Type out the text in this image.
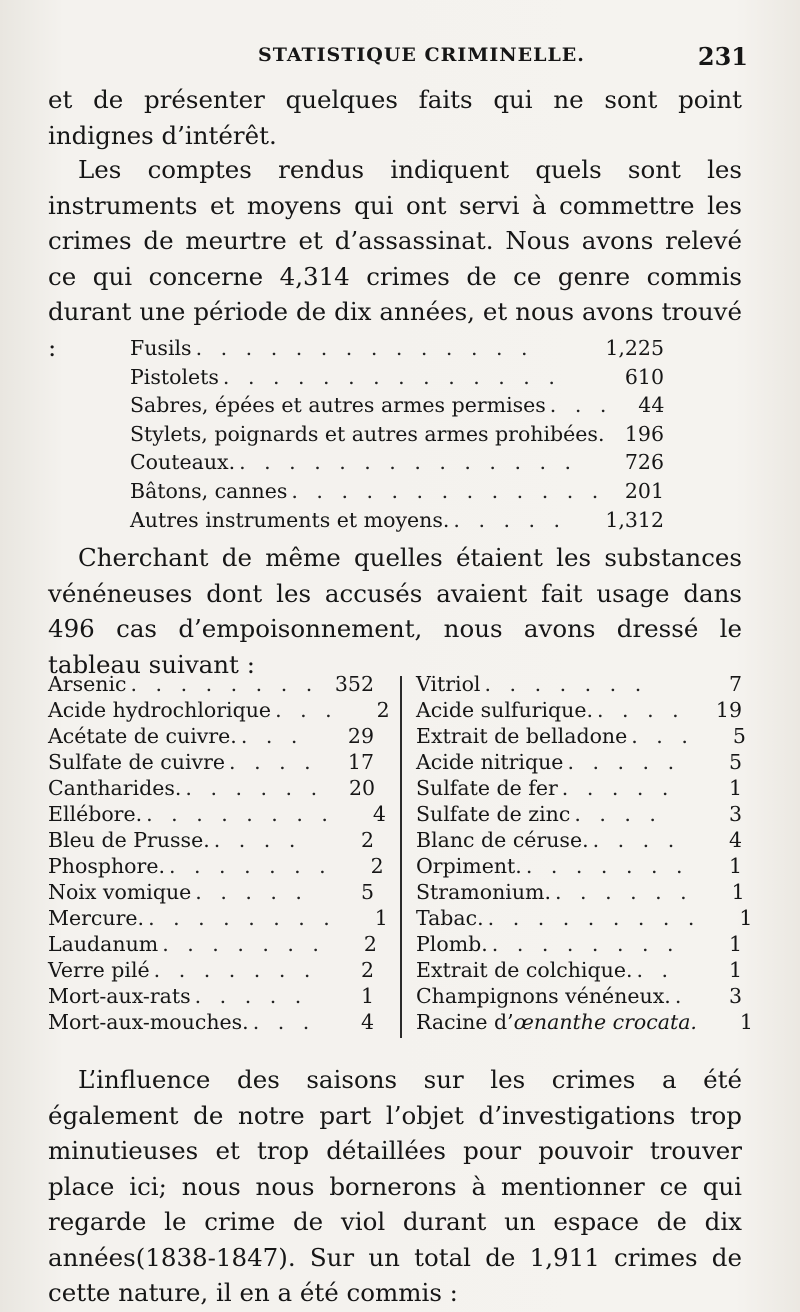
STATISTIQUE CRIMINELLE.	231
et de présenter quelques faits qui ne sont point indignes d’intérêt.
Les comptes rendus indiquent quels sont les instruments et moyens qui ont servi à commettre les crimes de meurtre et d’assassinat. Nous avons relevé ce qui concerne 4,314 crimes de ce genre commis durant une période de dix années, et nous avons trouvé :	Fusils . . . . . . . . . . . . . .	1,225
Pistolets . . . . . . . . . . . . . .	610
Sabres, épées et autres armes permises . . .	44
Stylets, poignards et autres armes prohibées. 196
Couteaux. . . . . . . . . . . . . . .	726
Bâtons, cannes . . . . . . . . . . . . .	201
Autres instruments et moyens. . . . . .	1,312
Cherchant de même quelles étaient les substances vénéneuses dont les accusés avaient fait usage dans 496 cas d’empoisonnement, nous avons dressé le tableau suivant :
Arsenic . . . . . . . . 352
Acide hydrochlorique . . .	2
Acétate de cuivre. . . .	29
Sulfate de cuivre . . . .	17
Cantharides. . . . . . .	20
Ellébore. . . . . . . . .	4
Bleu de Prusse. . . . .	2
Phosphore. . . . . . . .	2
Noix vomique . . . . .	5
Mercure. . . . . . . . .	1
Laudanum . . . . . . .	2
Verre pilé . . . . . . .	2
Mort-aux-rats . . . . .	1
Mort-aux-mouches. . . .	4
Vitriol . . . . . . .	7
Acide sulfurique. . . . .	19
Extrait de belladone . . .	5
Acide nitrique . . . . .	5
Sulfate de fer . . . . .	1
Sulfate de zinc . . . .	3
Blanc de céruse. . . . .	4
Orpiment. . . . . . . .	1
Stramonium. . . . . . .	1
Tabac. . . . . . . . . .	1
Plomb. . . . . . . . .	1
Extrait de colchique. . .	1
Champignons vénéneux. .	3
Racine d’œnanthe crocata.	1
L’influence des saisons sur les crimes a été également de notre part l’objet d’investigations trop minutieuses et trop détaillées pour pouvoir trouver place ici; nous nous bornerons à mentionner ce qui regarde le crime de viol durant un espace de dix années(1838-1847). Sur un total de 1,911 crimes de cette nature, il en a été commis :
